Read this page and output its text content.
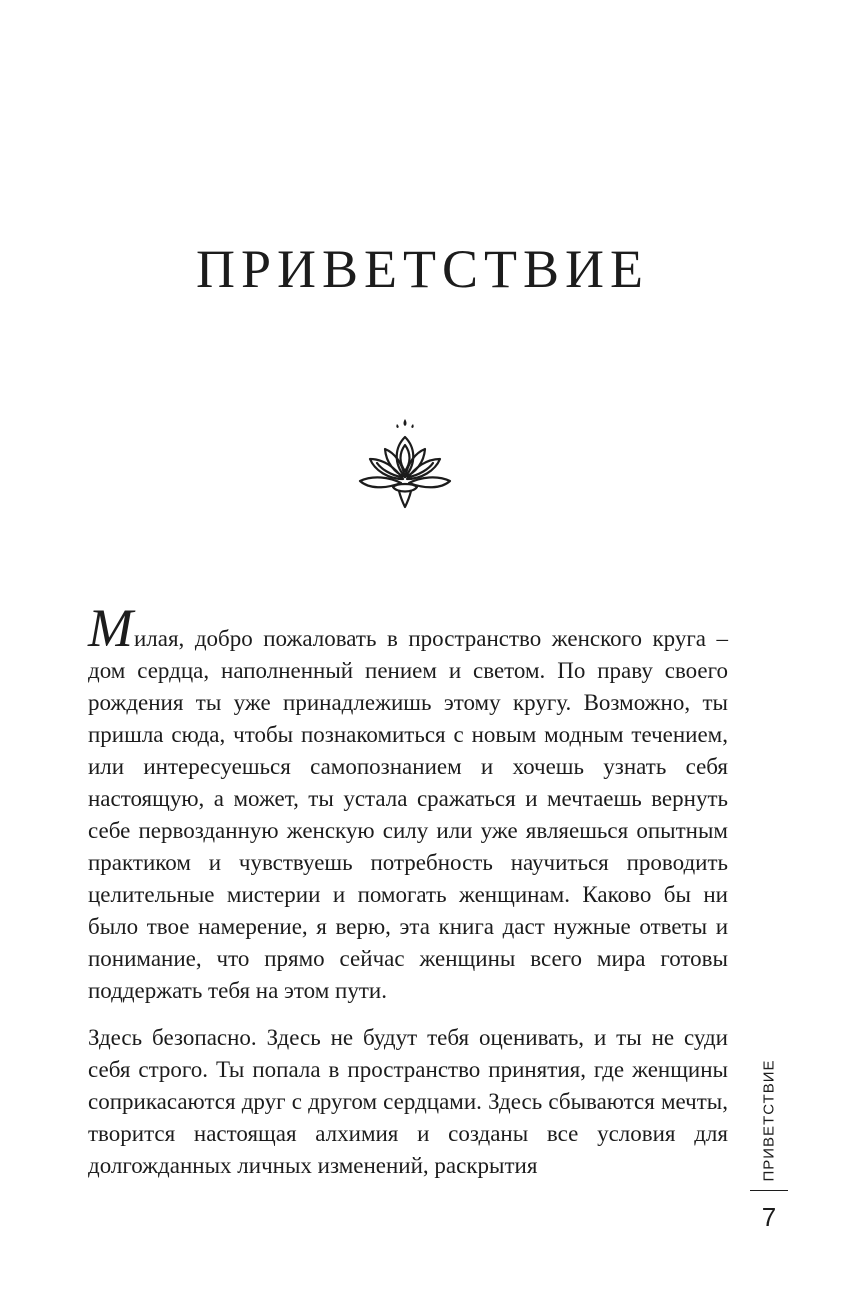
ПРИВЕТСТВИЕ

Милая, добро пожаловать в пространство женского круга – дом сердца, наполненный пением и светом. По праву своего рождения ты уже принадлежишь этому кругу. Возможно, ты пришла сюда, чтобы познакомиться с новым модным течением, или интересуешься самопознанием и хочешь узнать себя настоящую, а может, ты устала сражаться и мечтаешь вернуть себе первозданную женскую силу или уже являешься опытным практиком и чувствуешь потребность научиться проводить целительные мистерии и помогать женщинам. Каково бы ни было твое намерение, я верю, эта книга даст нужные ответы и понимание, что прямо сейчас женщины всего мира готовы поддержать тебя на этом пути.

Здесь безопасно. Здесь не будут тебя оценивать, и ты не суди себя строго. Ты попала в пространство принятия, где женщины соприкасаются друг с другом сердцами. Здесь сбываются мечты, творится настоящая алхимия и созданы все условия для долгожданных личных изменений, раскрытия	ПРИВЕТСТВИЕ
7
